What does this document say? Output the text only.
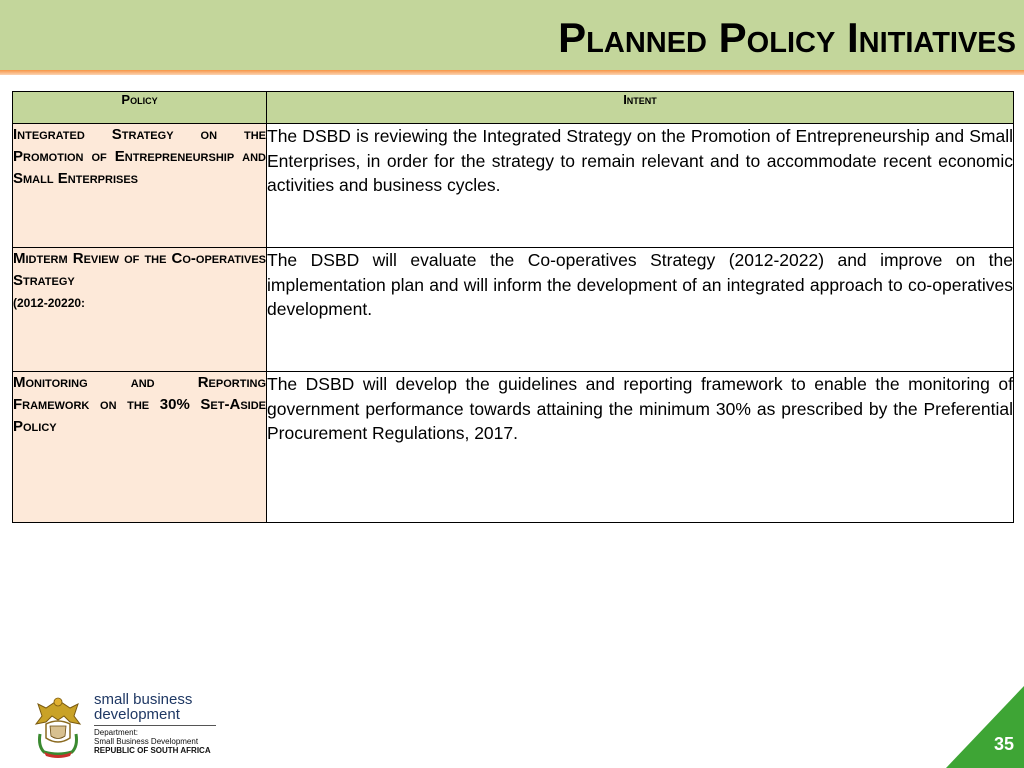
Planned Policy Initiatives
Policy	Intent
Integrated Strategy on the Promotion of Entrepreneurship and Small Enterprises	The DSBD is reviewing the Integrated Strategy on the Promotion of Entrepreneurship and Small Enterprises, in order for the strategy to remain relevant and to accommodate recent economic activities and business cycles.

Midterm Review of the Co-operatives Strategy
(2012-20220:	The DSBD will evaluate the Co-operatives Strategy (2012-2022) and improve on the implementation plan and will inform the development of an integrated approach to co-operatives development.
Monitoring and Reporting Framework on the 30% Set-Aside Policy	The DSBD will develop the guidelines and reporting framework to enable the monitoring of government performance towards attaining the minimum 30% as prescribed by the Preferential Procurement Regulations, 2017.
small business
development
Department:
Small Business Development
REPUBLIC OF SOUTH AFRICA	35
